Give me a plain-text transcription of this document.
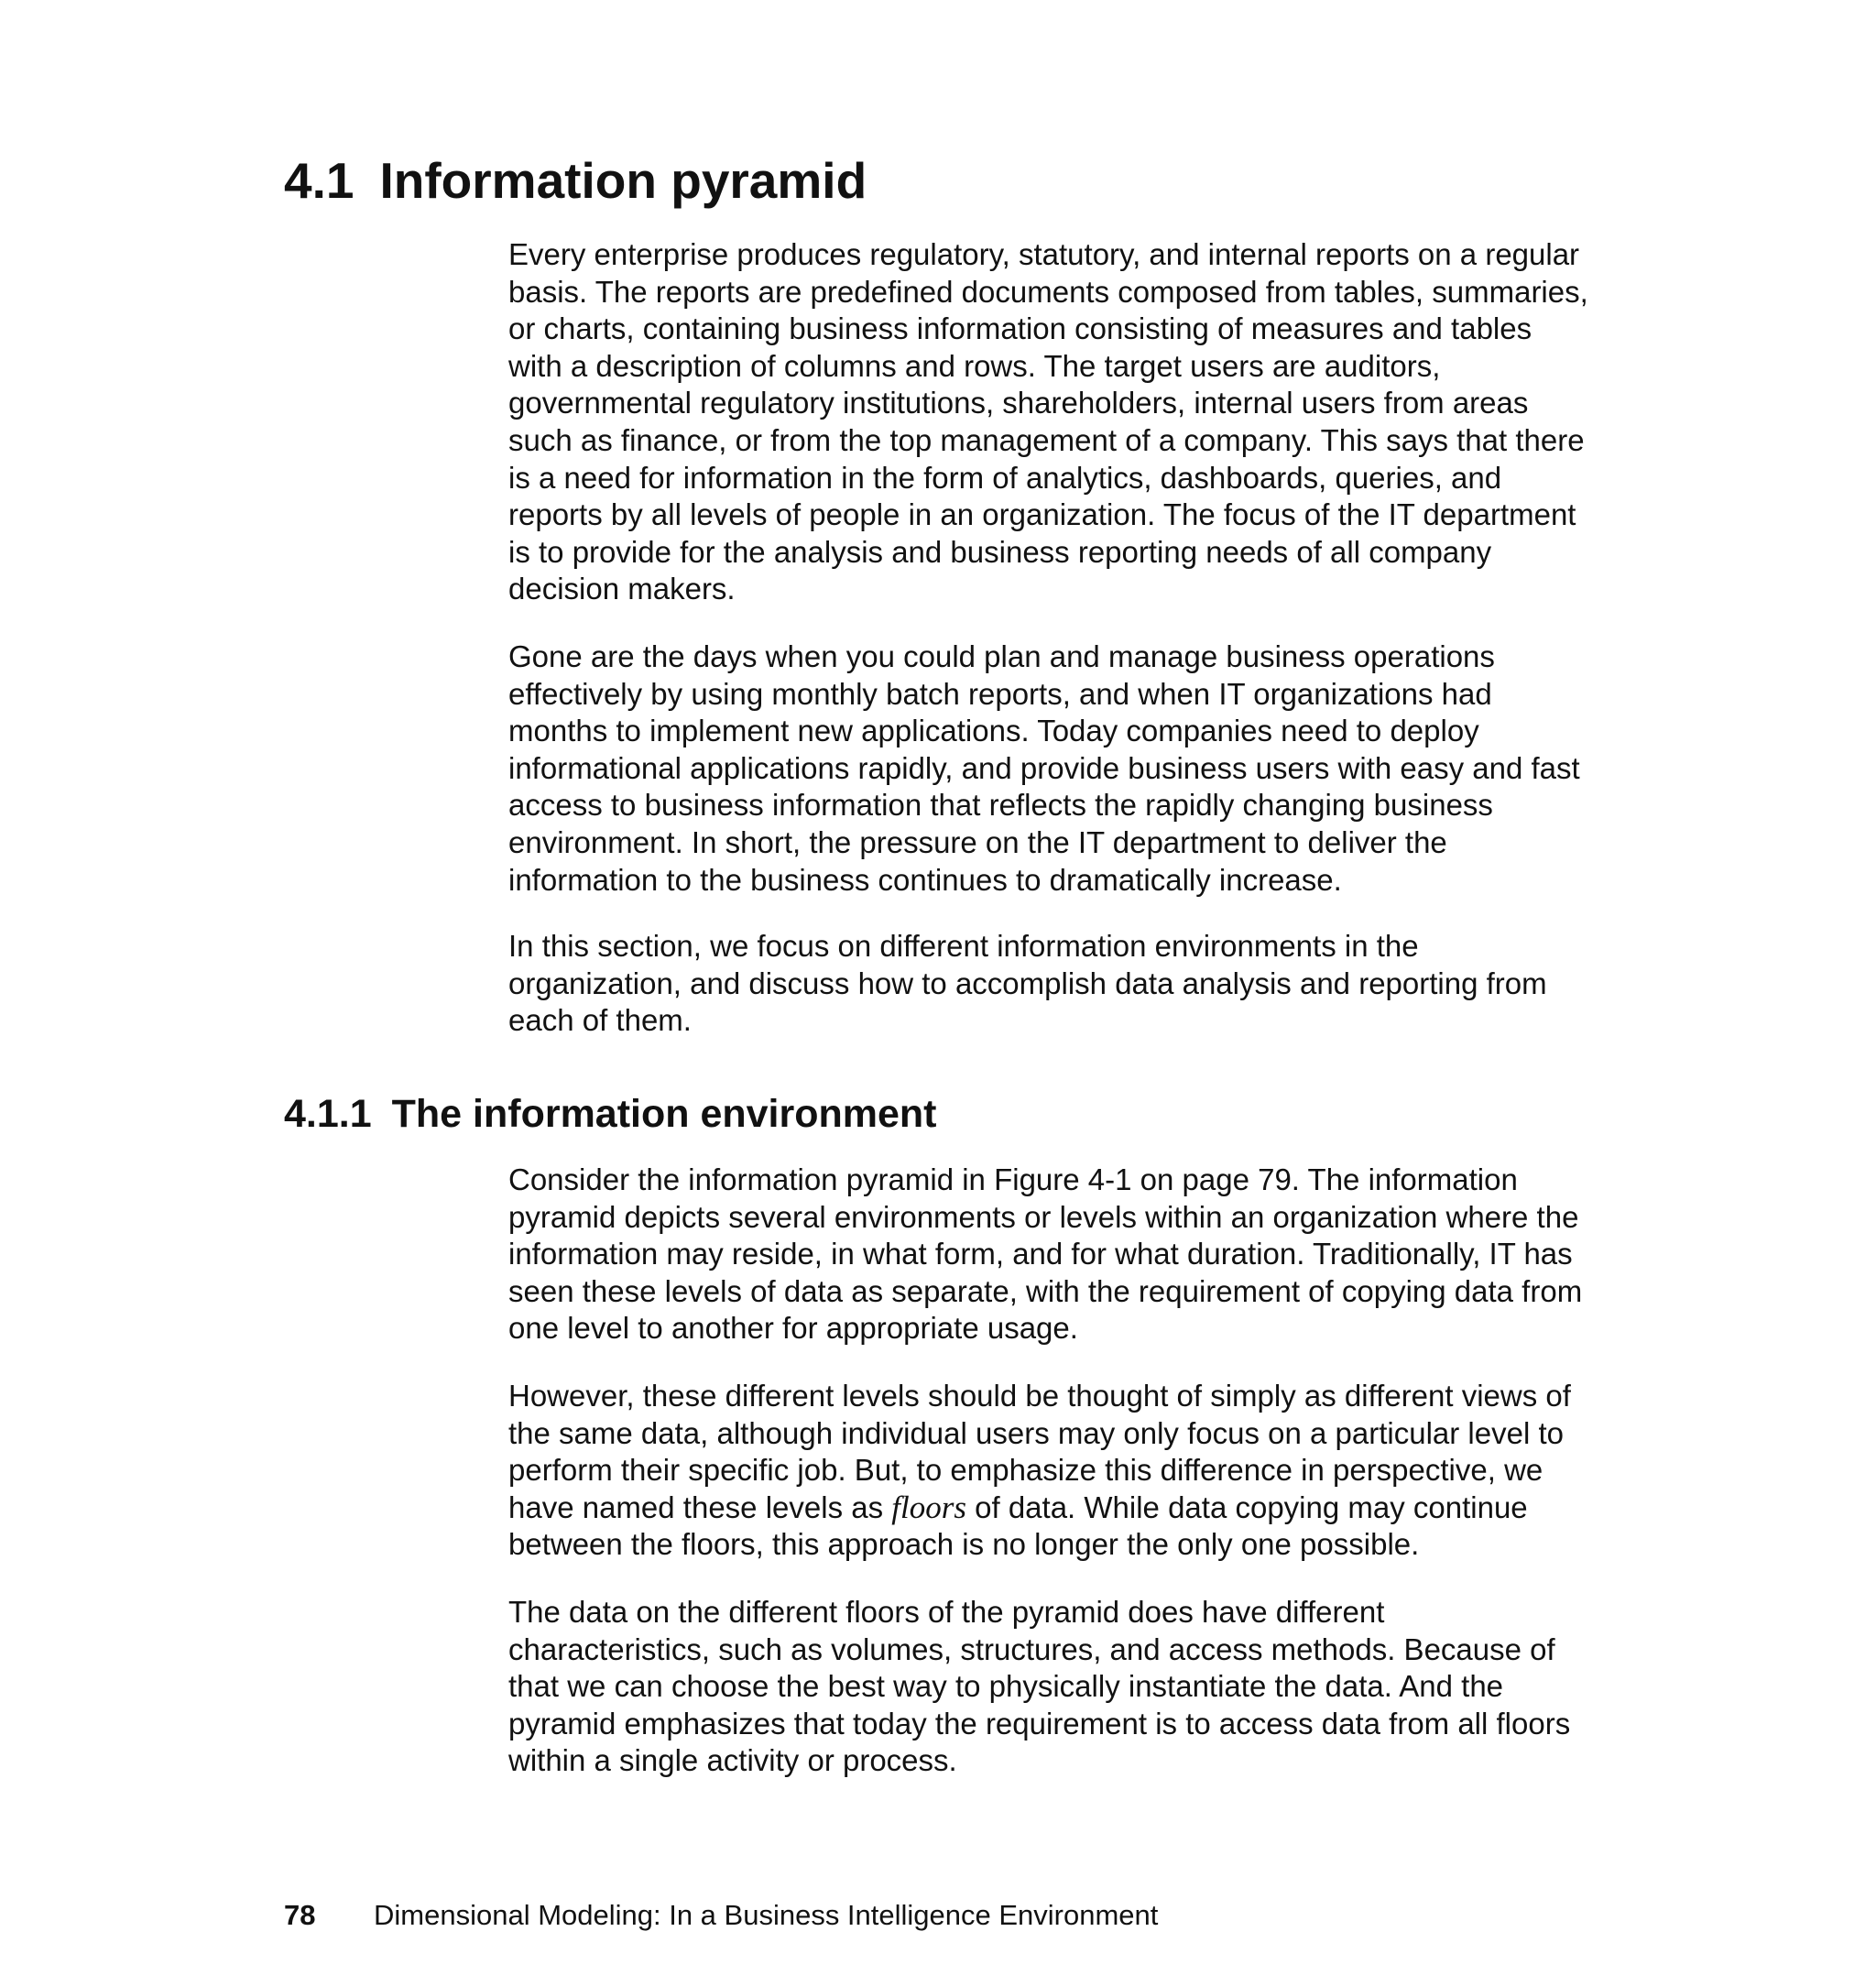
4.1 Information pyramid

Every enterprise produces regulatory, statutory, and internal reports on a regular
basis. The reports are predefined documents composed from tables, summaries,
or charts, containing business information consisting of measures and tables
with a description of columns and rows. The target users are auditors,
governmental regulatory institutions, shareholders, internal users from areas
such as finance, or from the top management of a company. This says that there
is a need for information in the form of analytics, dashboards, queries, and
reports by all levels of people in an organization. The focus of the IT department
is to provide for the analysis and business reporting needs of all company
decision makers.

Gone are the days when you could plan and manage business operations
effectively by using monthly batch reports, and when IT organizations had
months to implement new applications. Today companies need to deploy
informational applications rapidly, and provide business users with easy and fast
access to business information that reflects the rapidly changing business
environment. In short, the pressure on the IT department to deliver the
information to the business continues to dramatically increase.

In this section, we focus on different information environments in the
organization, and discuss how to accomplish data analysis and reporting from
each of them.

4.1.1 The information environment

Consider the information pyramid in Figure 4-1 on page 79. The information
pyramid depicts several environments or levels within an organization where the
information may reside, in what form, and for what duration. Traditionally, IT has
seen these levels of data as separate, with the requirement of copying data from
one level to another for appropriate usage.

However, these different levels should be thought of simply as different views of
the same data, although individual users may only focus on a particular level to
perform their specific job. But, to emphasize this difference in perspective, we
have named these levels as floors of data. While data copying may continue
between the floors, this approach is no longer the only one possible.

The data on the different floors of the pyramid does have different
characteristics, such as volumes, structures, and access methods. Because of
that we can choose the best way to physically instantiate the data. And the
pyramid emphasizes that today the requirement is to access data from all floors
within a single activity or process.

78 Dimensional Modeling: In a Business Intelligence Environment
